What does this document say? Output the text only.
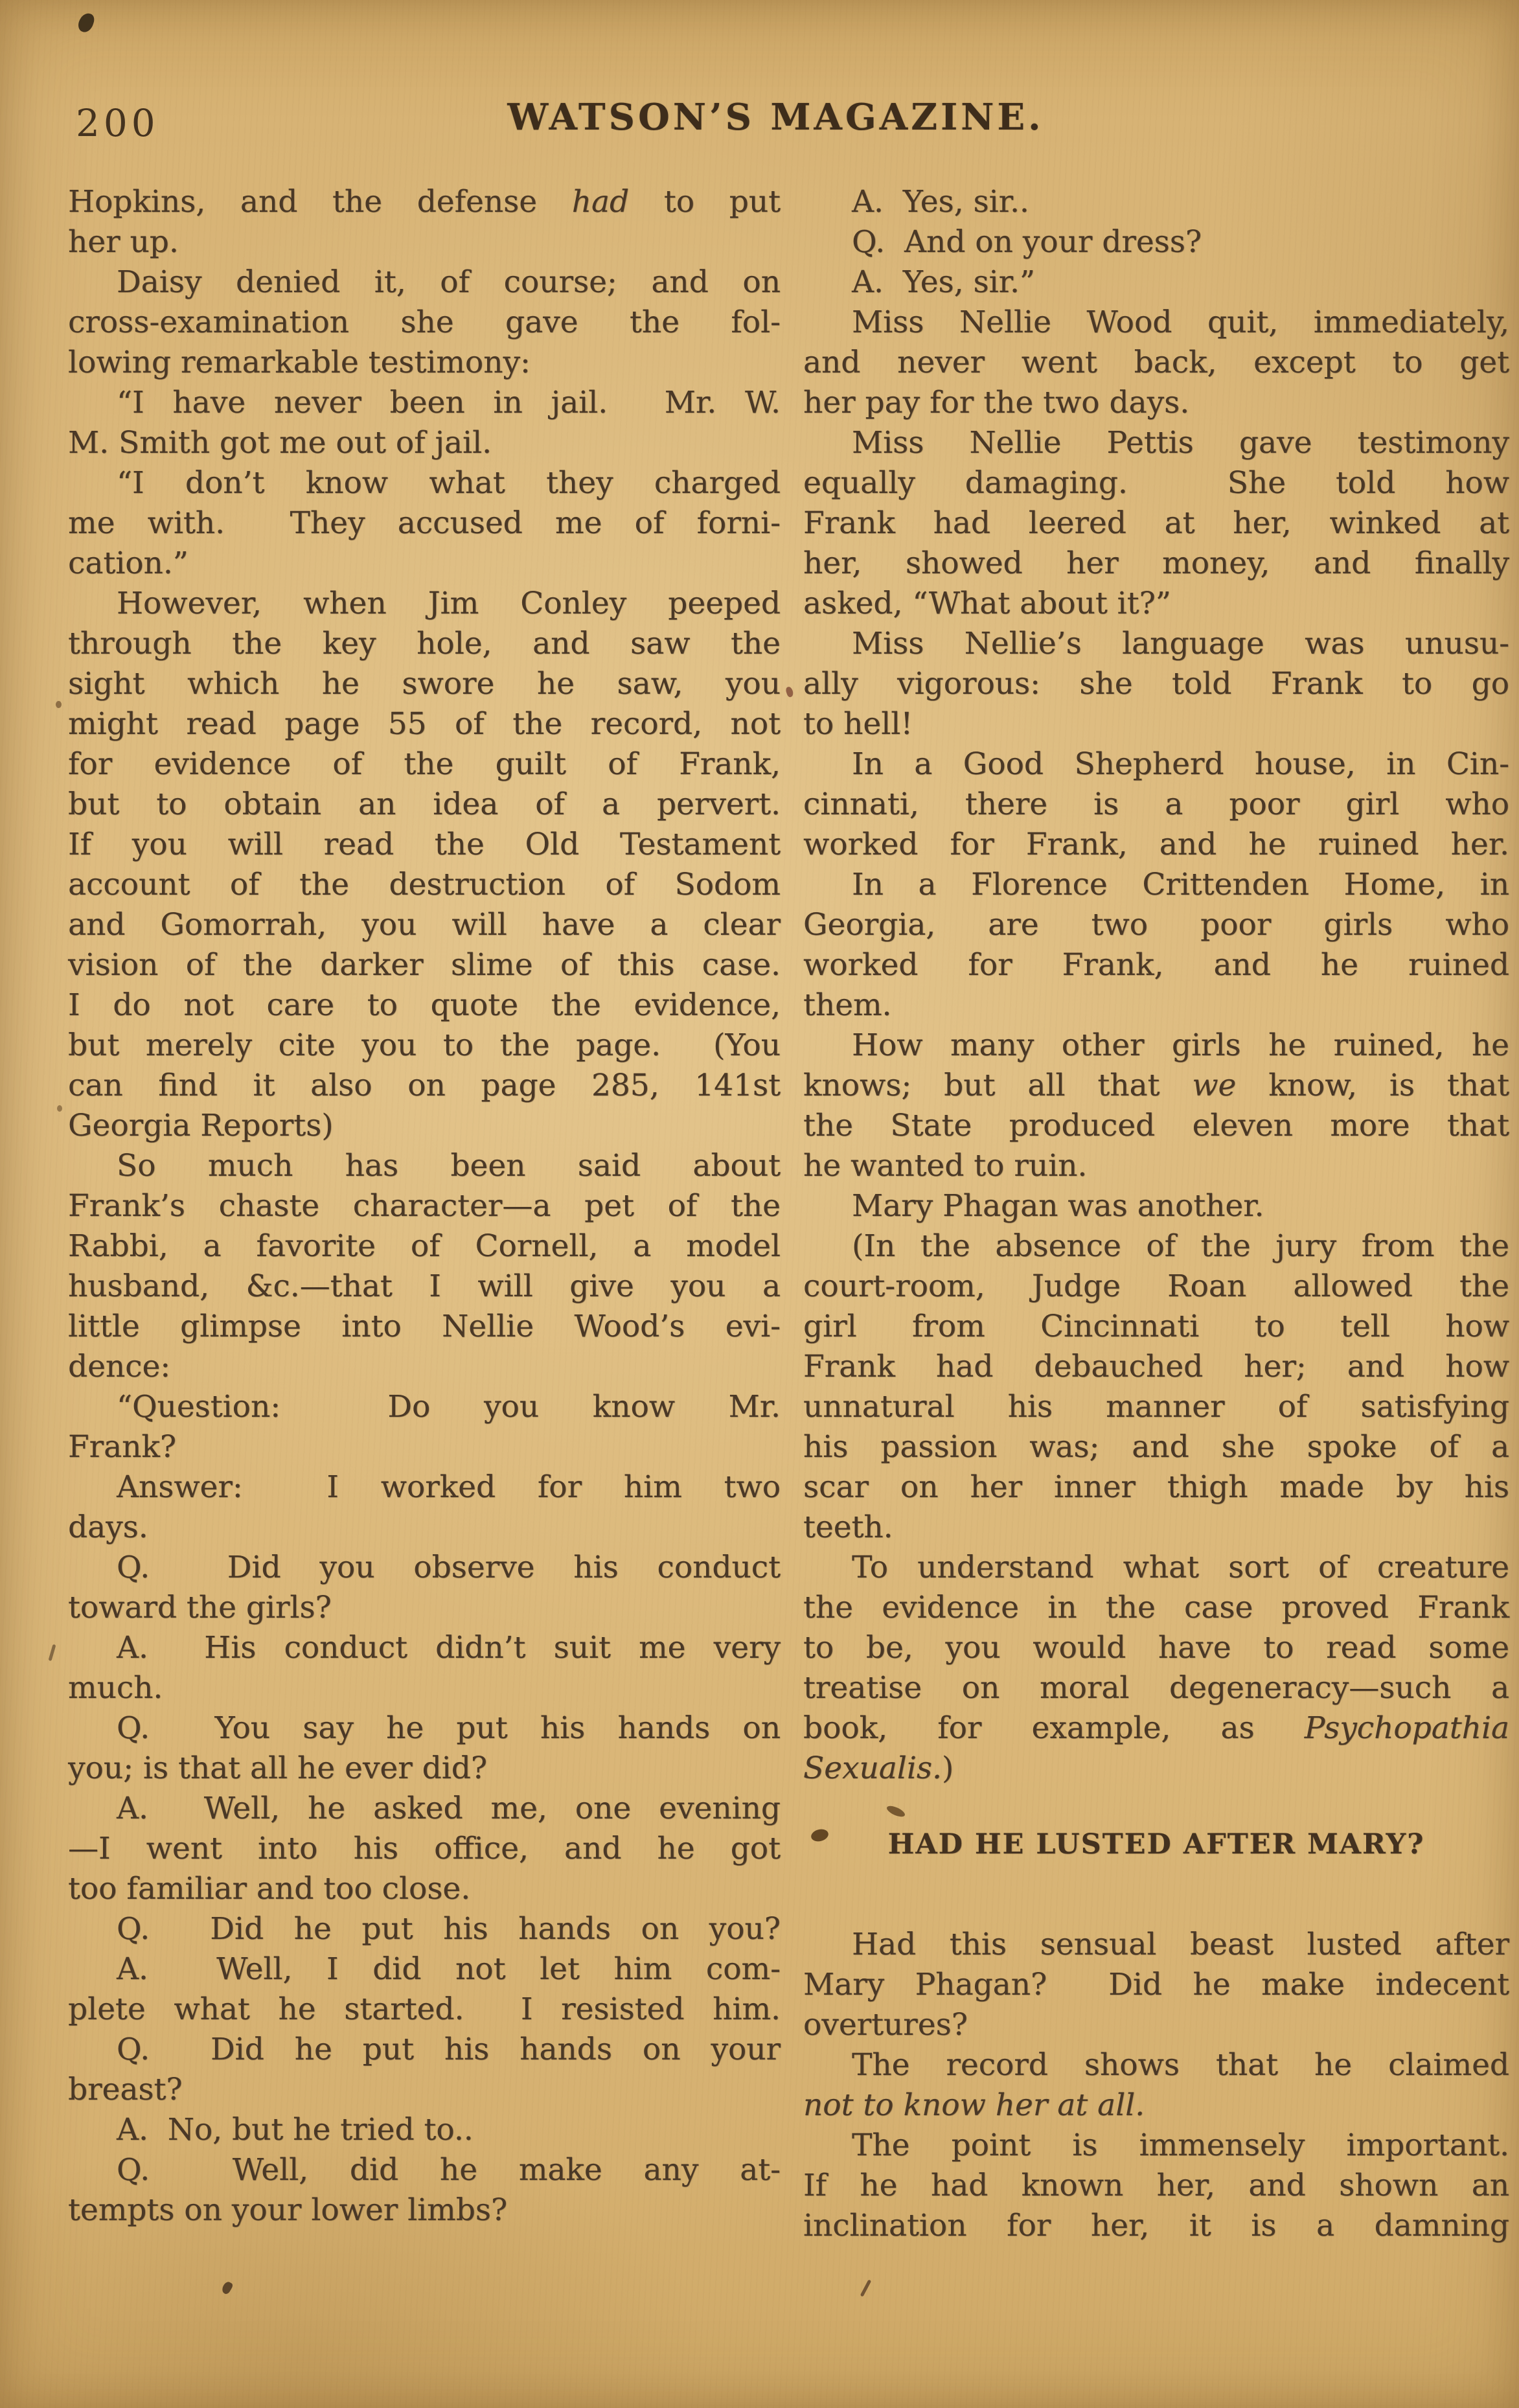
200	WATSON’S MAGAZINE.
Hopkins, and the defense had to put
her up.
Daisy denied it, of course; and on
cross-examination she gave the fol-
lowing remarkable testimony:
“I have never been in jail.  Mr. W.
M. Smith got me out of jail.
“I don’t know what they charged
me with.  They accused me of forni-
cation.”
However, when Jim Conley peeped
through the key hole, and saw the
sight which he swore he saw, you
might read page 55 of the record, not
for evidence of the guilt of Frank,
but to obtain an idea of a pervert.
If you will read the Old Testament
account of the destruction of Sodom
and Gomorrah, you will have a clear
vision of the darker slime of this case.
I do not care to quote the evidence,
but merely cite you to the page.  (You
can find it also on page 285, 141st
Georgia Reports)
So much has been said about
Frank’s chaste character—a pet of the
Rabbi, a favorite of Cornell, a model
husband, &c.—that I will give you a
little glimpse into Nellie Wood’s evi-
dence:
“Question:  Do you know Mr.
Frank?
Answer:  I worked for him two
days.
Q.  Did you observe his conduct
toward the girls?
A.  His conduct didn’t suit me very
much.
Q.  You say he put his hands on
you; is that all he ever did?
A.  Well, he asked me, one evening
—I went into his office, and he got
too familiar and too close.
Q.  Did he put his hands on you?
A.  Well, I did not let him com-
plete what he started.  I resisted him.
Q.  Did he put his hands on your
breast?
A.  No, but he tried to..
Q.  Well, did he make any at-
tempts on your lower limbs?
A.  Yes, sir..
Q.  And on your dress?
A.  Yes, sir.”
Miss Nellie Wood quit, immediately,
and never went back, except to get
her pay for the two days.
Miss Nellie Pettis gave testimony
equally damaging.  She told how
Frank had leered at her, winked at
her, showed her money, and finally
asked, “What about it?”
Miss Nellie’s language was unusu-
ally vigorous: she told Frank to go
to hell!
In a Good Shepherd house, in Cin-
cinnati, there is a poor girl who
worked for Frank, and he ruined her.
In a Florence Crittenden Home, in
Georgia, are two poor girls who
worked for Frank, and he ruined
them.
How many other girls he ruined, he
knows; but all that we know, is that
the State produced eleven more that
he wanted to ruin.
Mary Phagan was another.
(In the absence of the jury from the
court-room, Judge Roan allowed the
girl from Cincinnati to tell how
Frank had debauched her; and how
unnatural his manner of satisfying
his passion was; and she spoke of a
scar on her inner thigh made by his
teeth.
To understand what sort of creature
the evidence in the case proved Frank
to be, you would have to read some
treatise on moral degeneracy—such a
book, for example, as Psychopathia
Sexualis.)
HAD HE LUSTED AFTER MARY?
Had this sensual beast lusted after
Mary Phagan?  Did he make indecent
overtures?
The record shows that he claimed
not to know her at all.
The point is immensely important.
If he had known her, and shown an
inclination for her, it is a damning
